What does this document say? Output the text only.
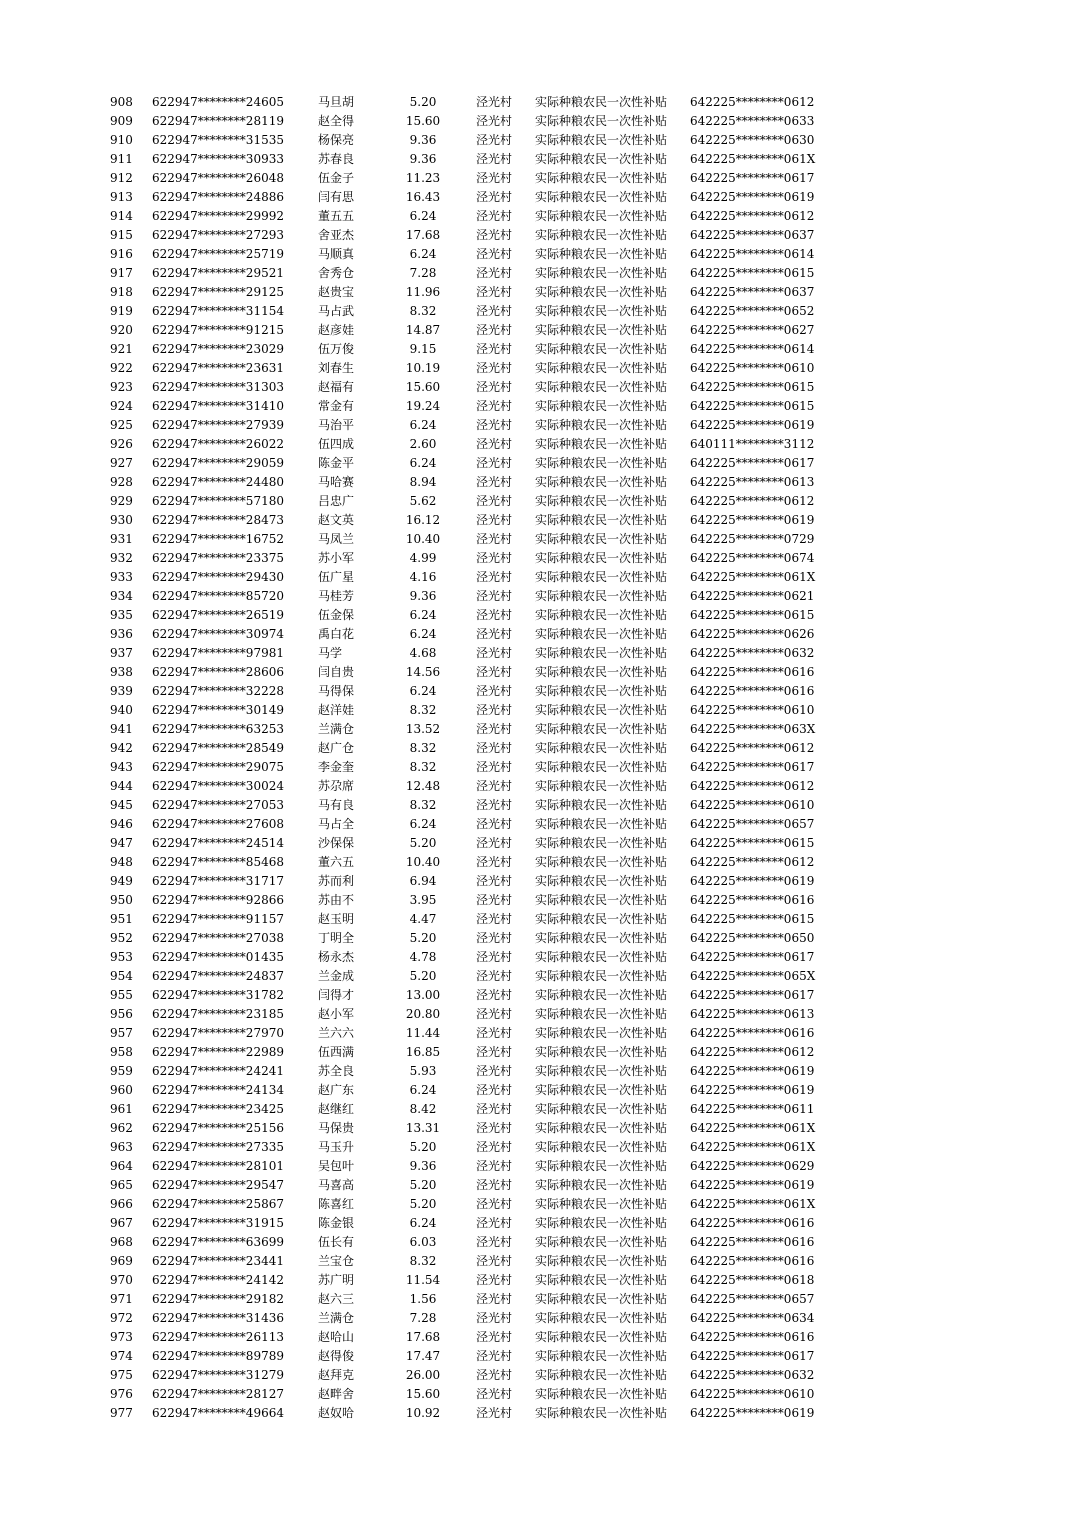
908	622947********24605	马旦胡	5.20	泾光村	实际种粮农民一次性补贴	642225********0612
909	622947********28119	赵全得	15.60	泾光村	实际种粮农民一次性补贴	642225********0633
910	622947********31535	杨保亮	9.36	泾光村	实际种粮农民一次性补贴	642225********0630
911	622947********30933	苏春良	9.36	泾光村	实际种粮农民一次性补贴	642225********061X
912	622947********26048	伍金子	11.23	泾光村	实际种粮农民一次性补贴	642225********0617
913	622947********24886	闫有思	16.43	泾光村	实际种粮农民一次性补贴	642225********0619
914	622947********29992	董五五	6.24	泾光村	实际种粮农民一次性补贴	642225********0612
915	622947********27293	舍亚杰	17.68	泾光村	实际种粮农民一次性补贴	642225********0637
916	622947********25719	马顺真	6.24	泾光村	实际种粮农民一次性补贴	642225********0614
917	622947********29521	舍秀仓	7.28	泾光村	实际种粮农民一次性补贴	642225********0615
918	622947********29125	赵贵宝	11.96	泾光村	实际种粮农民一次性补贴	642225********0637
919	622947********31154	马占武	8.32	泾光村	实际种粮农民一次性补贴	642225********0652
920	622947********91215	赵彦娃	14.87	泾光村	实际种粮农民一次性补贴	642225********0627
921	622947********23029	伍万俊	9.15	泾光村	实际种粮农民一次性补贴	642225********0614
922	622947********23631	刘春生	10.19	泾光村	实际种粮农民一次性补贴	642225********0610
923	622947********31303	赵福有	15.60	泾光村	实际种粮农民一次性补贴	642225********0615
924	622947********31410	常金有	19.24	泾光村	实际种粮农民一次性补贴	642225********0615
925	622947********27939	马治平	6.24	泾光村	实际种粮农民一次性补贴	642225********0619
926	622947********26022	伍四成	2.60	泾光村	实际种粮农民一次性补贴	640111********3112
927	622947********29059	陈金平	6.24	泾光村	实际种粮农民一次性补贴	642225********0617
928	622947********24480	马哈赛	8.94	泾光村	实际种粮农民一次性补贴	642225********0613
929	622947********57180	吕忠广	5.62	泾光村	实际种粮农民一次性补贴	642225********0612
930	622947********28473	赵文英	16.12	泾光村	实际种粮农民一次性补贴	642225********0619
931	622947********16752	马凤兰	10.40	泾光村	实际种粮农民一次性补贴	642225********0729
932	622947********23375	苏小军	4.99	泾光村	实际种粮农民一次性补贴	642225********0674
933	622947********29430	伍广星	4.16	泾光村	实际种粮农民一次性补贴	642225********061X
934	622947********85720	马桂芳	9.36	泾光村	实际种粮农民一次性补贴	642225********0621
935	622947********26519	伍金保	6.24	泾光村	实际种粮农民一次性补贴	642225********0615
936	622947********30974	禹白花	6.24	泾光村	实际种粮农民一次性补贴	642225********0626
937	622947********97981	马学	4.68	泾光村	实际种粮农民一次性补贴	642225********0632
938	622947********28606	闫自贵	14.56	泾光村	实际种粮农民一次性补贴	642225********0616
939	622947********32228	马得保	6.24	泾光村	实际种粮农民一次性补贴	642225********0616
940	622947********30149	赵洋娃	8.32	泾光村	实际种粮农民一次性补贴	642225********0610
941	622947********63253	兰满仓	13.52	泾光村	实际种粮农民一次性补贴	642225********063X
942	622947********28549	赵广仓	8.32	泾光村	实际种粮农民一次性补贴	642225********0612
943	622947********29075	李金奎	8.32	泾光村	实际种粮农民一次性补贴	642225********0617
944	622947********30024	苏尕席	12.48	泾光村	实际种粮农民一次性补贴	642225********0612
945	622947********27053	马有良	8.32	泾光村	实际种粮农民一次性补贴	642225********0610
946	622947********27608	马占全	6.24	泾光村	实际种粮农民一次性补贴	642225********0657
947	622947********24514	沙保保	5.20	泾光村	实际种粮农民一次性补贴	642225********0615
948	622947********85468	董六五	10.40	泾光村	实际种粮农民一次性补贴	642225********0612
949	622947********31717	苏而利	6.94	泾光村	实际种粮农民一次性补贴	642225********0619
950	622947********92866	苏由不	3.95	泾光村	实际种粮农民一次性补贴	642225********0616
951	622947********91157	赵玉明	4.47	泾光村	实际种粮农民一次性补贴	642225********0615
952	622947********27038	丁明全	5.20	泾光村	实际种粮农民一次性补贴	642225********0650
953	622947********01435	杨永杰	4.78	泾光村	实际种粮农民一次性补贴	642225********0617
954	622947********24837	兰金成	5.20	泾光村	实际种粮农民一次性补贴	642225********065X
955	622947********31782	闫得才	13.00	泾光村	实际种粮农民一次性补贴	642225********0617
956	622947********23185	赵小军	20.80	泾光村	实际种粮农民一次性补贴	642225********0613
957	622947********27970	兰六六	11.44	泾光村	实际种粮农民一次性补贴	642225********0616
958	622947********22989	伍西满	16.85	泾光村	实际种粮农民一次性补贴	642225********0612
959	622947********24241	苏全良	5.93	泾光村	实际种粮农民一次性补贴	642225********0619
960	622947********24134	赵广东	6.24	泾光村	实际种粮农民一次性补贴	642225********0619
961	622947********23425	赵继红	8.42	泾光村	实际种粮农民一次性补贴	642225********0611
962	622947********25156	马保贵	13.31	泾光村	实际种粮农民一次性补贴	642225********061X
963	622947********27335	马玉升	5.20	泾光村	实际种粮农民一次性补贴	642225********061X
964	622947********28101	吴包叶	9.36	泾光村	实际种粮农民一次性补贴	642225********0629
965	622947********29547	马喜高	5.20	泾光村	实际种粮农民一次性补贴	642225********0619
966	622947********25867	陈喜红	5.20	泾光村	实际种粮农民一次性补贴	642225********061X
967	622947********31915	陈金银	6.24	泾光村	实际种粮农民一次性补贴	642225********0616
968	622947********63699	伍长有	6.03	泾光村	实际种粮农民一次性补贴	642225********0616
969	622947********23441	兰宝仓	8.32	泾光村	实际种粮农民一次性补贴	642225********0616
970	622947********24142	苏广明	11.54	泾光村	实际种粮农民一次性补贴	642225********0618
971	622947********29182	赵六三	1.56	泾光村	实际种粮农民一次性补贴	642225********0657
972	622947********31436	兰满仓	7.28	泾光村	实际种粮农民一次性补贴	642225********0634
973	622947********26113	赵哈山	17.68	泾光村	实际种粮农民一次性补贴	642225********0616
974	622947********89789	赵得俊	17.47	泾光村	实际种粮农民一次性补贴	642225********0617
975	622947********31279	赵拜克	26.00	泾光村	实际种粮农民一次性补贴	642225********0632
976	622947********28127	赵畔舍	15.60	泾光村	实际种粮农民一次性补贴	642225********0610
977	622947********49664	赵奴哈	10.92	泾光村	实际种粮农民一次性补贴	642225********0619
